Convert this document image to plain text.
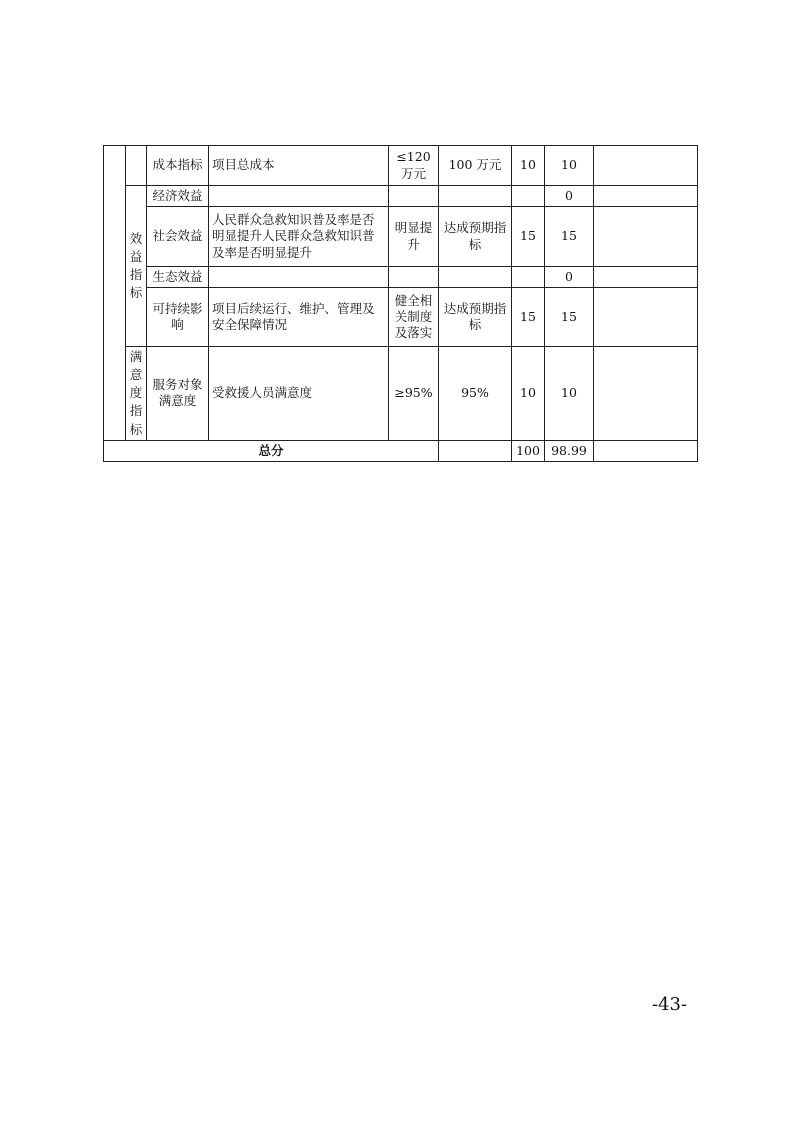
		成本指标	项目总成本	≤120万元	100 万元	10	10	
	效益指标	经济效益					0	
		社会效益	人民群众急救知识普及率是否明显提升人民群众急救知识普及率是否明显提升	明显提升	达成预期指标	15	15	
		生态效益					0	
		可持续影响	项目后续运行、维护、管理及安全保障情况	健全相关制度及落实	达成预期指标	15	15	
	满意度指标	服务对象满意度	受救援人员满意度	≥95%	95%	10	10	
总分						100	98.99	
-43-
